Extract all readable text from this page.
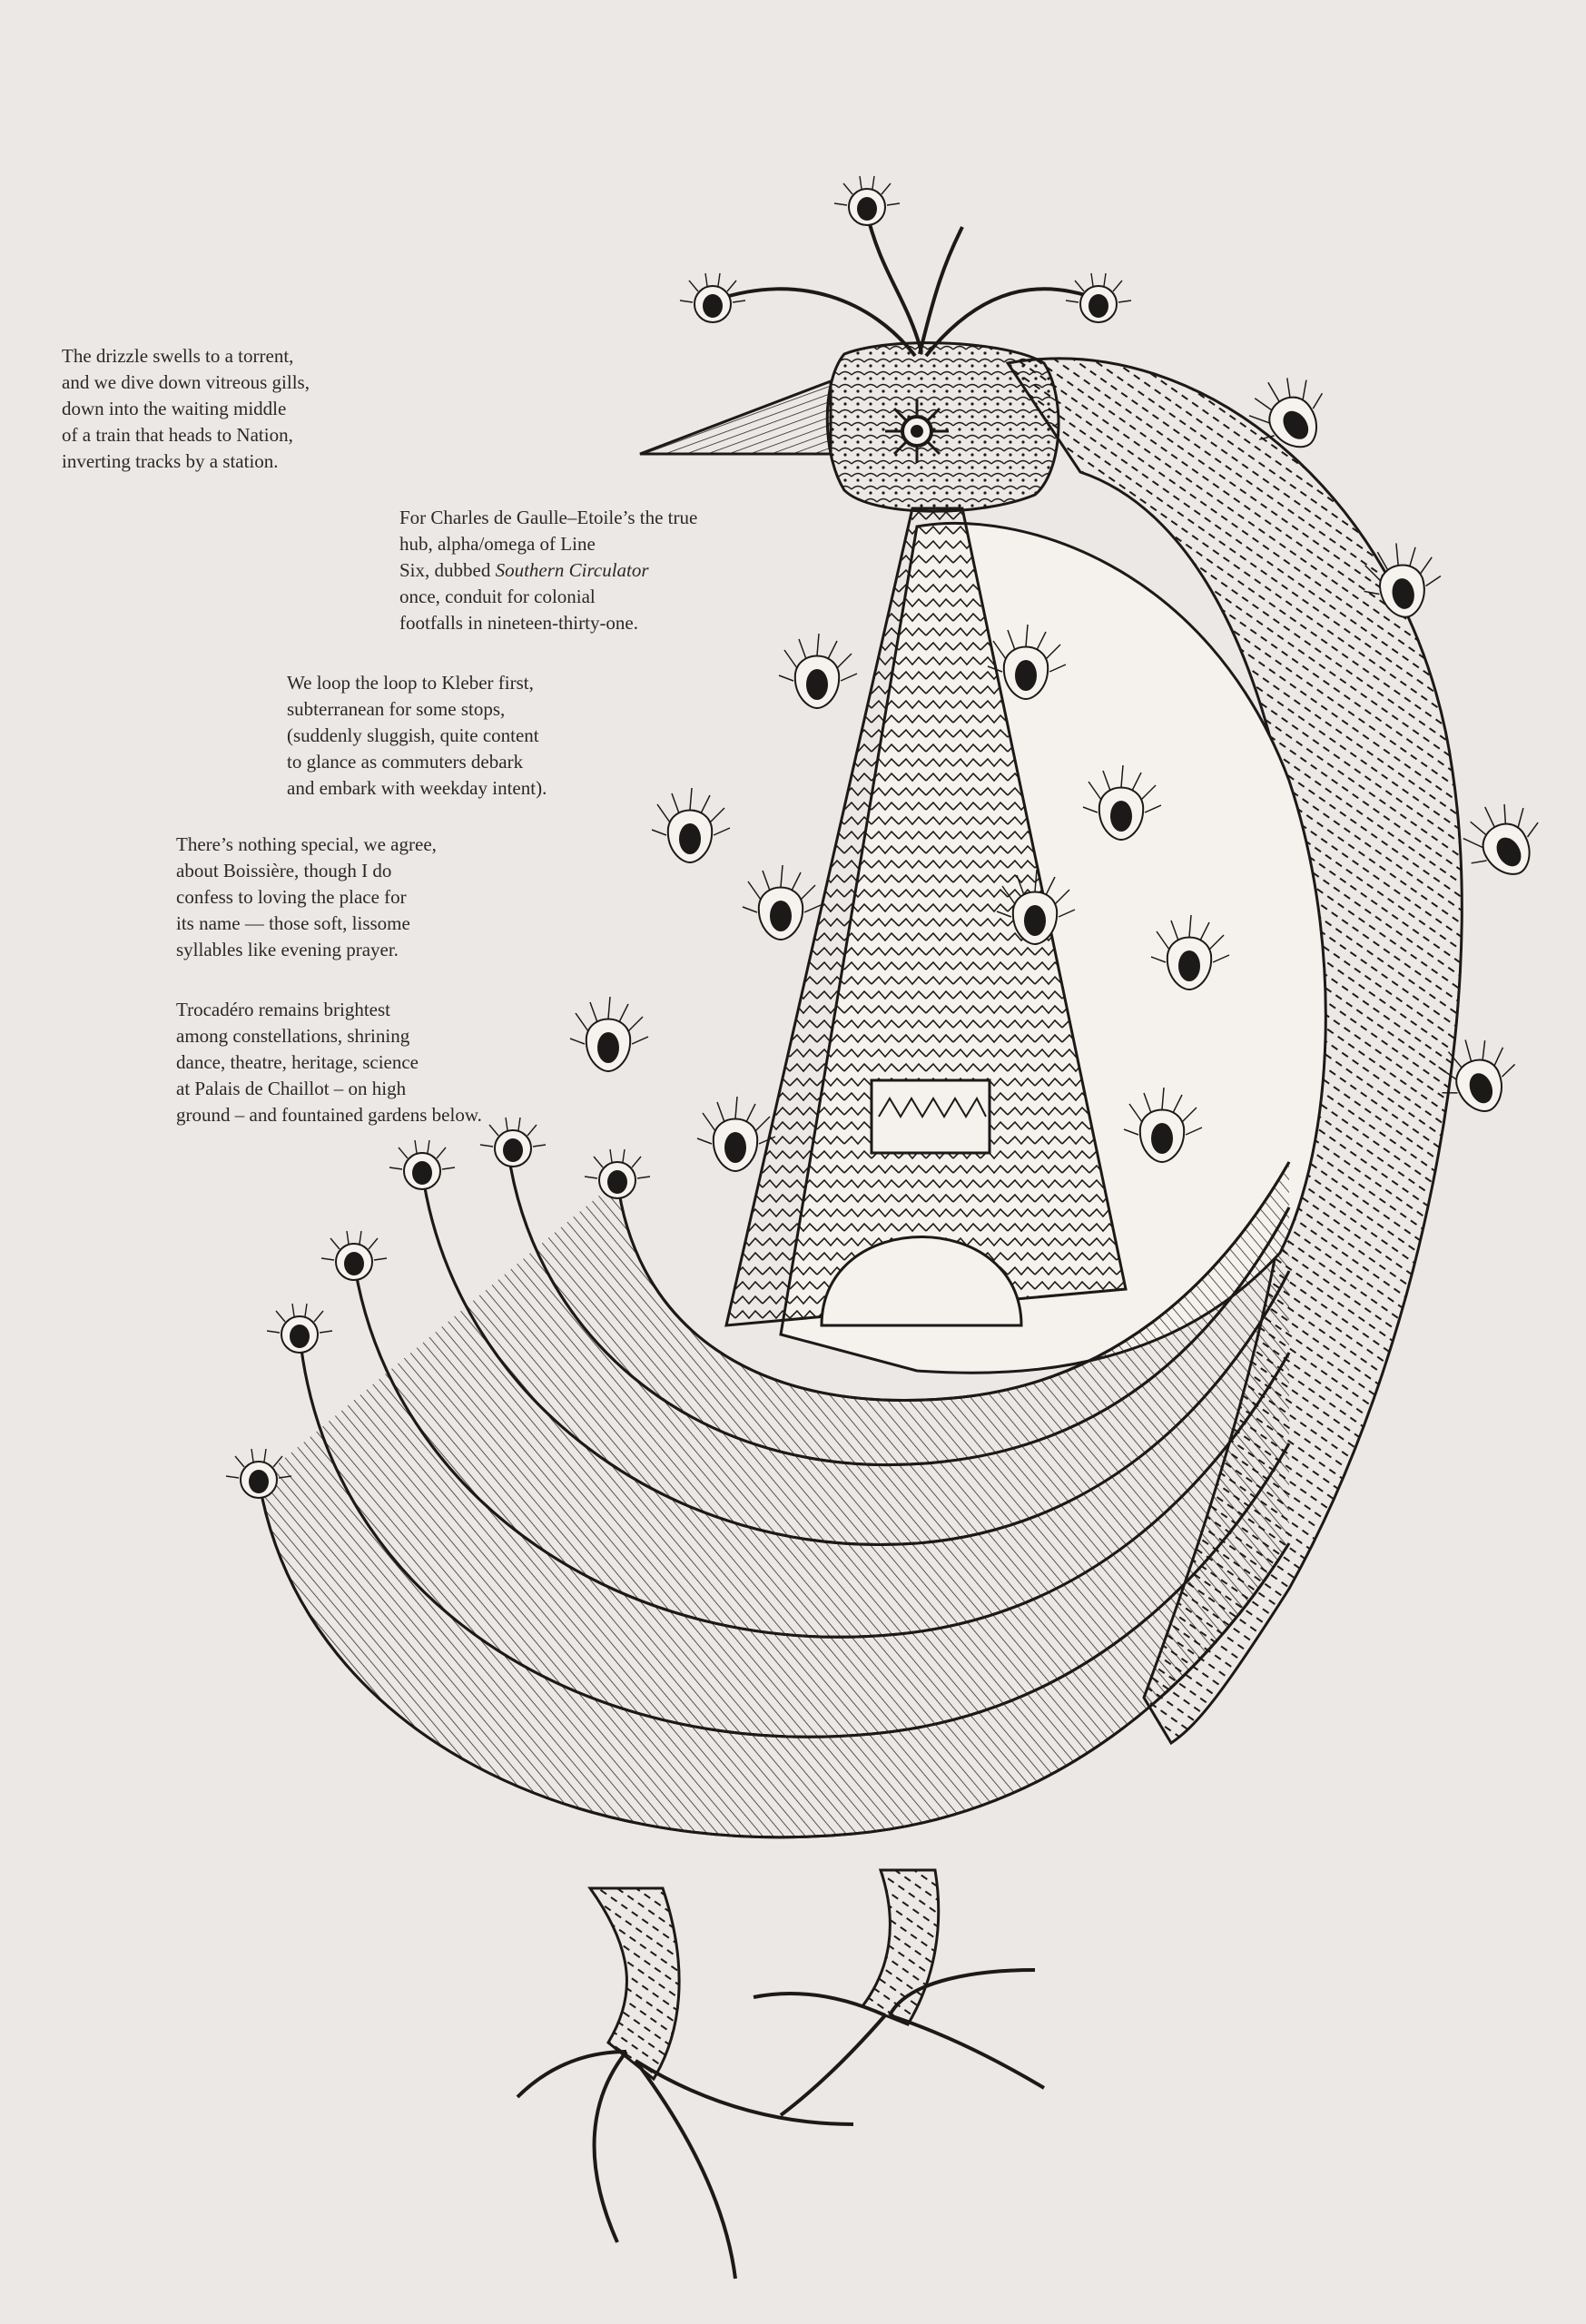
The drizzle swells to a torrent,
and we dive down vitreous gills,
down into the waiting middle
of a train that heads to Nation,
inverting tracks by a station.
For Charles de Gaulle–Etoile’s the true
hub, alpha/omega of Line
Six, dubbed Southern Circulator
once, conduit for colonial
footfalls in nineteen-thirty-one.
We loop the loop to Kleber first,
subterranean for some stops,
(suddenly sluggish, quite content
to glance as commuters debark
and embark with weekday intent).
There’s nothing special, we agree,
about Boissière, though I do
confess to loving the place for
its name — those soft, lissome
syllables like evening prayer.
Trocadéro remains brightest
among constellations, shrining
dance, theatre, heritage, science
at Palais de Chaillot – on high
ground – and fountained gardens below.
